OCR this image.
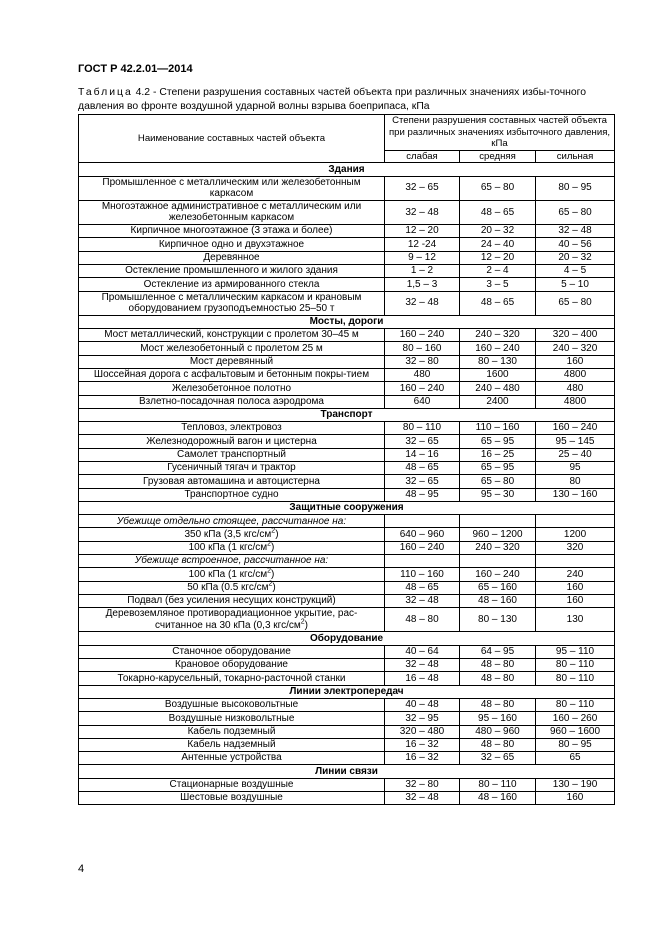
ГОСТ Р 42.2.01—2014
Таблица 4.2 - Степени разрушения составных частей объекта при различных значениях избы-точного давления во фронте воздушной ударной волны взрыва боеприпаса, кПа
Наименование составных частей объекта	Степени разрушения составных частей объекта при различных значениях избыточного давления, кПа		
	слабая	средняя	сильная
Здания			
Промышленное с металлическим или железобетонным каркасом	32 – 65	65 – 80	80 – 95
Многоэтажное административное с металлическим или железобетонным каркасом	32 – 48	48 – 65	65 – 80
Кирпичное многоэтажное (3 этажа и более)	12 – 20	20 – 32	32 – 48
Кирпичное одно и двухэтажное	12 -24	24 – 40	40 – 56
Деревянное	9 – 12	12 – 20	20 – 32
Остекление промышленного и жилого здания	1 – 2	2 – 4	4 – 5
Остекление из армированного стекла	1,5 – 3	3 – 5	5 – 10
Промышленное с металлическим каркасом и крановым оборудованием грузоподъемностью 25–50 т	32 – 48	48 – 65	65 – 80
Мосты, дороги			
Мост металлический, конструкции с пролетом 30–45 м	160 – 240	240 – 320	320 – 400
Мост железобетонный с пролетом 25 м	80 – 160	160 – 240	240 – 320
Мост деревянный	32 – 80	80 – 130	160
Шоссейная дорога с асфальтовым и бетонным покры-тием	480	1600	4800
Железобетонное полотно	160 – 240	240 – 480	480
Взлетно-посадочная полоса аэродрома	640	2400	4800
Транспорт			
Тепловоз, электровоз	80 – 110	110 – 160	160 – 240
Железнодорожный вагон и цистерна	32 – 65	65 – 95	95 – 145
Самолет транспортный	14 – 16	16 – 25	25 – 40
Гусеничный тягач и трактор	48 – 65	65 – 95	95
Грузовая автомашина и автоцистерна	32 – 65	65 – 80	80
Транспортное судно	48 – 95	95 – 30	130 – 160
Защитные сооружения			
Убежище отдельно стоящее, рассчитанное на:			
350 кПа (3,5 кгс/$см^2$)	640 – 960	960 – 1200	1200
100 кПа (1 кгс/$см^2$)	160 – 240	240 – 320	320
Убежище встроенное, рассчитанное на:			
100 кПа (1 кгс/$см^2$)	110 – 160	160 – 240	240
50 кПа (0.5 кгс/$см^2$)	48 – 65	65 – 160	160
Подвал (без усиления несущих конструкций)	32 – 48	48 – 160	160
Деревоземляное противорадиационное укрытие, рас-считанное на 30 кПа (0,3 кгс/$см^2$)	48 – 80	80 – 130	130
Оборудование			
Станочное оборудование	40 – 64	64 – 95	95 – 110
Крановое оборудование	32 – 48	48 – 80	80 – 110
Токарно-карусельный, токарно-расточной станки	16 – 48	48 – 80	80 – 110
Линии электропередач			
Воздушные высоковольтные	40 – 48	48 – 80	80 – 110
Воздушные низковольтные	32 – 95	95 – 160	160 – 260
Кабель подземный	320 – 480	480 – 960	960 – 1600
Кабель надземный	16 – 32	48 – 80	80 – 95
Антенные устройства	16 – 32	32 – 65	65
Линии связи			
Стационарные воздушные	32 – 80	80 – 110	130 – 190
Шестовые воздушные	32 – 48	48 – 160	160
4
